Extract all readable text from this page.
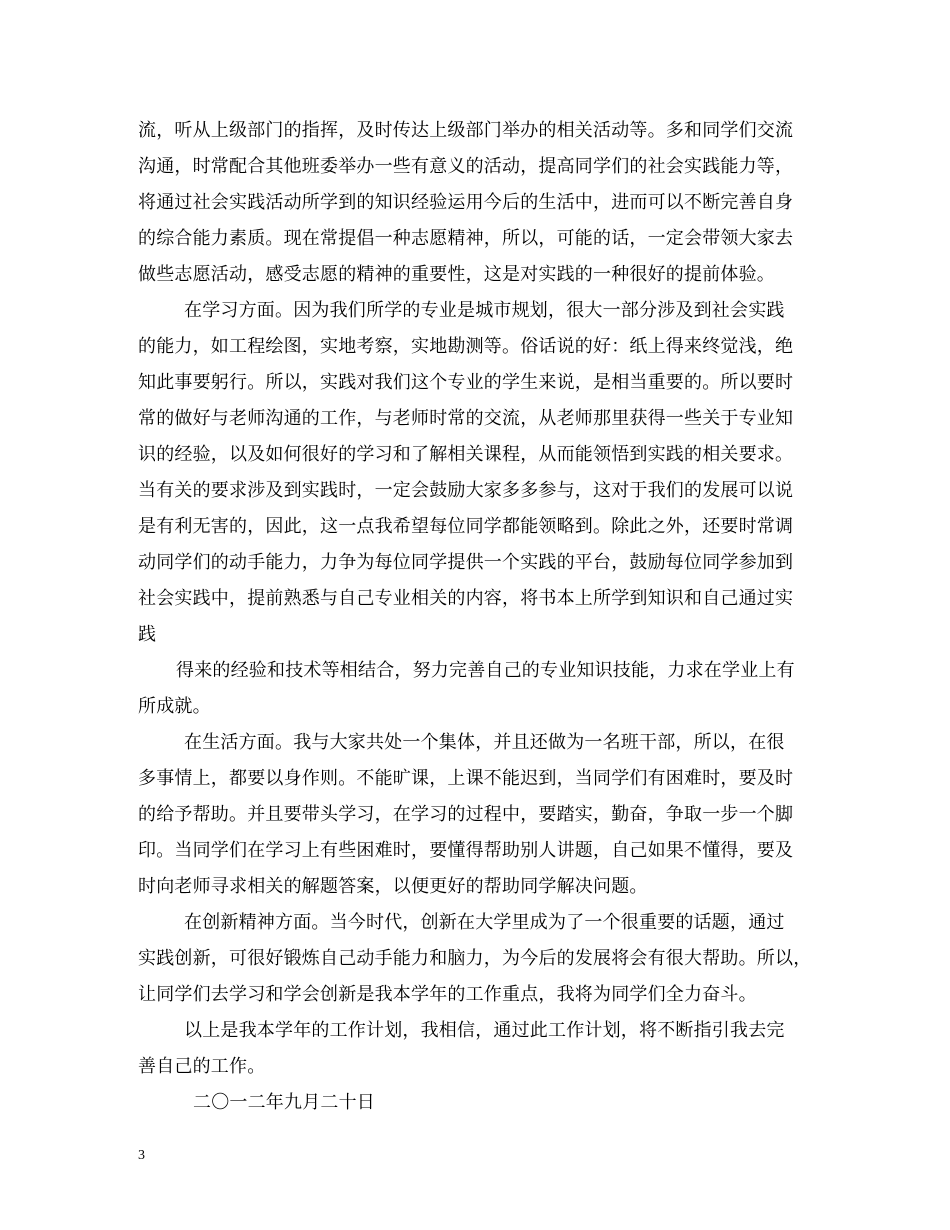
流，听从上级部门的指挥，及时传达上级部门举办的相关活动等。多和同学们交流
沟通，时常配合其他班委举办一些有意义的活动，提高同学们的社会实践能力等，
将通过社会实践活动所学到的知识经验运用今后的生活中，进而可以不断完善自身
的综合能力素质。现在常提倡一种志愿精神，所以，可能的话，一定会带领大家去
做些志愿活动，感受志愿的精神的重要性，这是对实践的一种很好的提前体验。
在学习方面。因为我们所学的专业是城市规划，很大一部分涉及到社会实践
的能力，如工程绘图，实地考察，实地勘测等。俗话说的好：纸上得来终觉浅，绝
知此事要躬行。所以，实践对我们这个专业的学生来说，是相当重要的。所以要时
常的做好与老师沟通的工作，与老师时常的交流，从老师那里获得一些关于专业知
识的经验，以及如何很好的学习和了解相关课程，从而能领悟到实践的相关要求。
当有关的要求涉及到实践时，一定会鼓励大家多多参与，这对于我们的发展可以说
是有利无害的，因此，这一点我希望每位同学都能领略到。除此之外，还要时常调
动同学们的动手能力，力争为每位同学提供一个实践的平台，鼓励每位同学参加到
社会实践中，提前熟悉与自己专业相关的内容，将书本上所学到知识和自己通过实
践
得来的经验和技术等相结合，努力完善自己的专业知识技能，力求在学业上有
所成就。
在生活方面。我与大家共处一个集体，并且还做为一名班干部，所以，在很
多事情上，都要以身作则。不能旷课，上课不能迟到，当同学们有困难时，要及时
的给予帮助。并且要带头学习，在学习的过程中，要踏实，勤奋，争取一步一个脚
印。当同学们在学习上有些困难时，要懂得帮助别人讲题，自己如果不懂得，要及
时向老师寻求相关的解题答案，以便更好的帮助同学解决问题。
在创新精神方面。当今时代，创新在大学里成为了一个很重要的话题，通过
实践创新，可很好锻炼自己动手能力和脑力，为今后的发展将会有很大帮助。所以，
让同学们去学习和学会创新是我本学年的工作重点，我将为同学们全力奋斗。
以上是我本学年的工作计划，我相信，通过此工作计划，将不断指引我去完
善自己的工作。
二〇一二年九月二十日
3
